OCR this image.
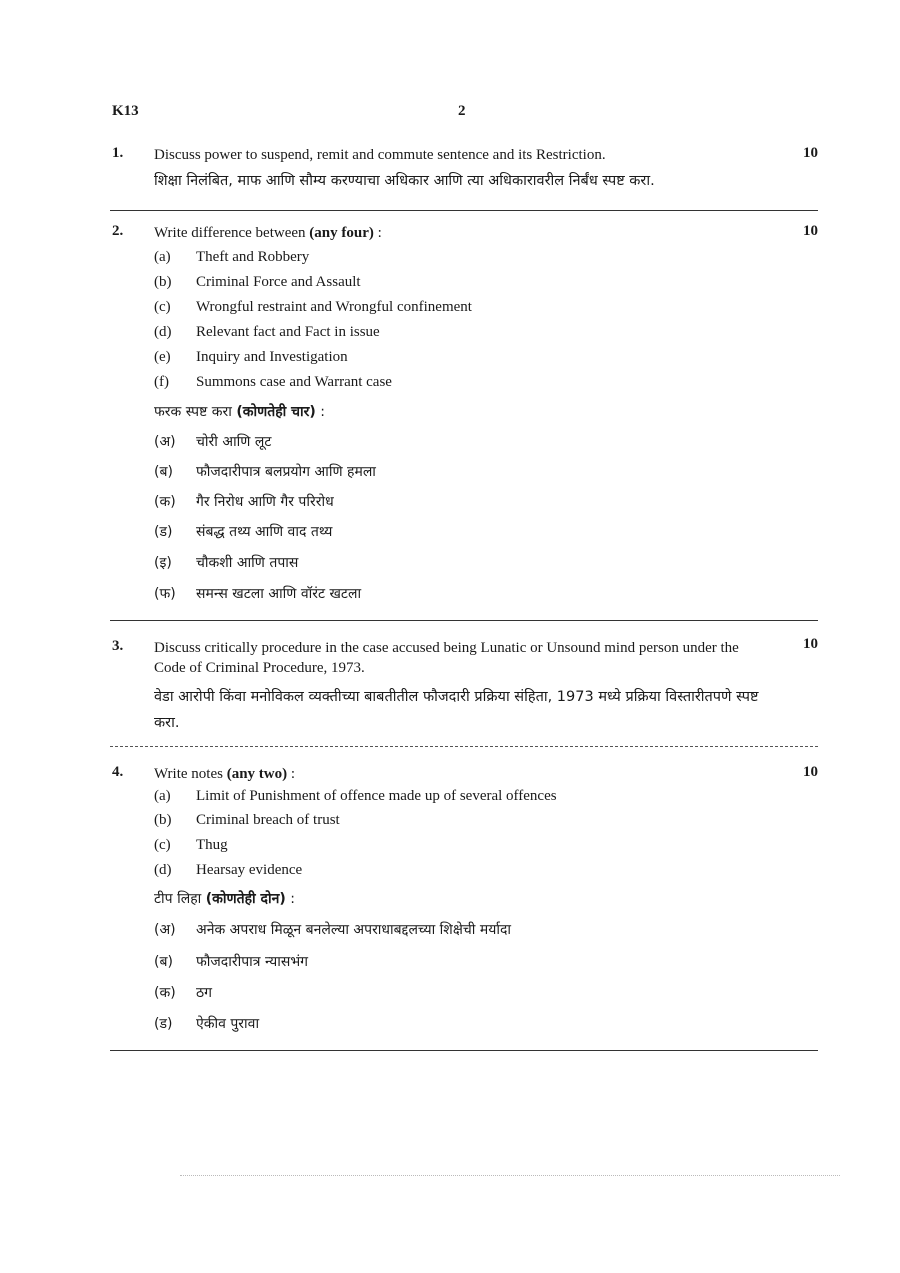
K13	2
1. Discuss power to suspend, remit and commute sentence and its Restriction.	10
शिक्षा निलंबित, माफ आणि सौम्य करण्याचा अधिकार आणि त्या अधिकारावरील निर्बंध स्पष्ट करा.
2. Write difference between (any four) :	10
(a) Theft and Robbery
(b) Criminal Force and Assault
(c) Wrongful restraint and Wrongful confinement
(d) Relevant fact and Fact in issue
(e) Inquiry and Investigation
(f) Summons case and Warrant case
फरक स्पष्ट करा (कोणतेही चार) :
(अ) चोरी आणि लूट
(ब) फौजदारीपात्र बलप्रयोग आणि हमला
(क) गैर निरोध आणि गैर परिरोध
(ड) संबद्ध तथ्य आणि वाद तथ्य
(इ) चौकशी आणि तपास
(फ) समन्स खटला आणि वॉरंट खटला
3. Discuss critically procedure in the case accused being Lunatic or Unsound mind person under the Code of Criminal Procedure, 1973.
10
वेडा आरोपी किंवा मनोविकल व्यक्तीच्या बाबतीतील फौजदारी प्रक्रिया संहिता, 1973 मध्ये प्रक्रिया विस्तारीतपणे स्पष्ट करा.
4. Write notes (any two) :	10
(a) Limit of Punishment of offence made up of several offences
(b) Criminal breach of trust
(c) Thug
(d) Hearsay evidence
टीप लिहा (कोणतेही दोन) :
(अ) अनेक अपराध मिळून बनलेल्या अपराधाबद्दलच्या शिक्षेची मर्यादा
(ब) फौजदारीपात्र न्यासभंग
(क) ठग
(ड) ऐकीव पुरावा
